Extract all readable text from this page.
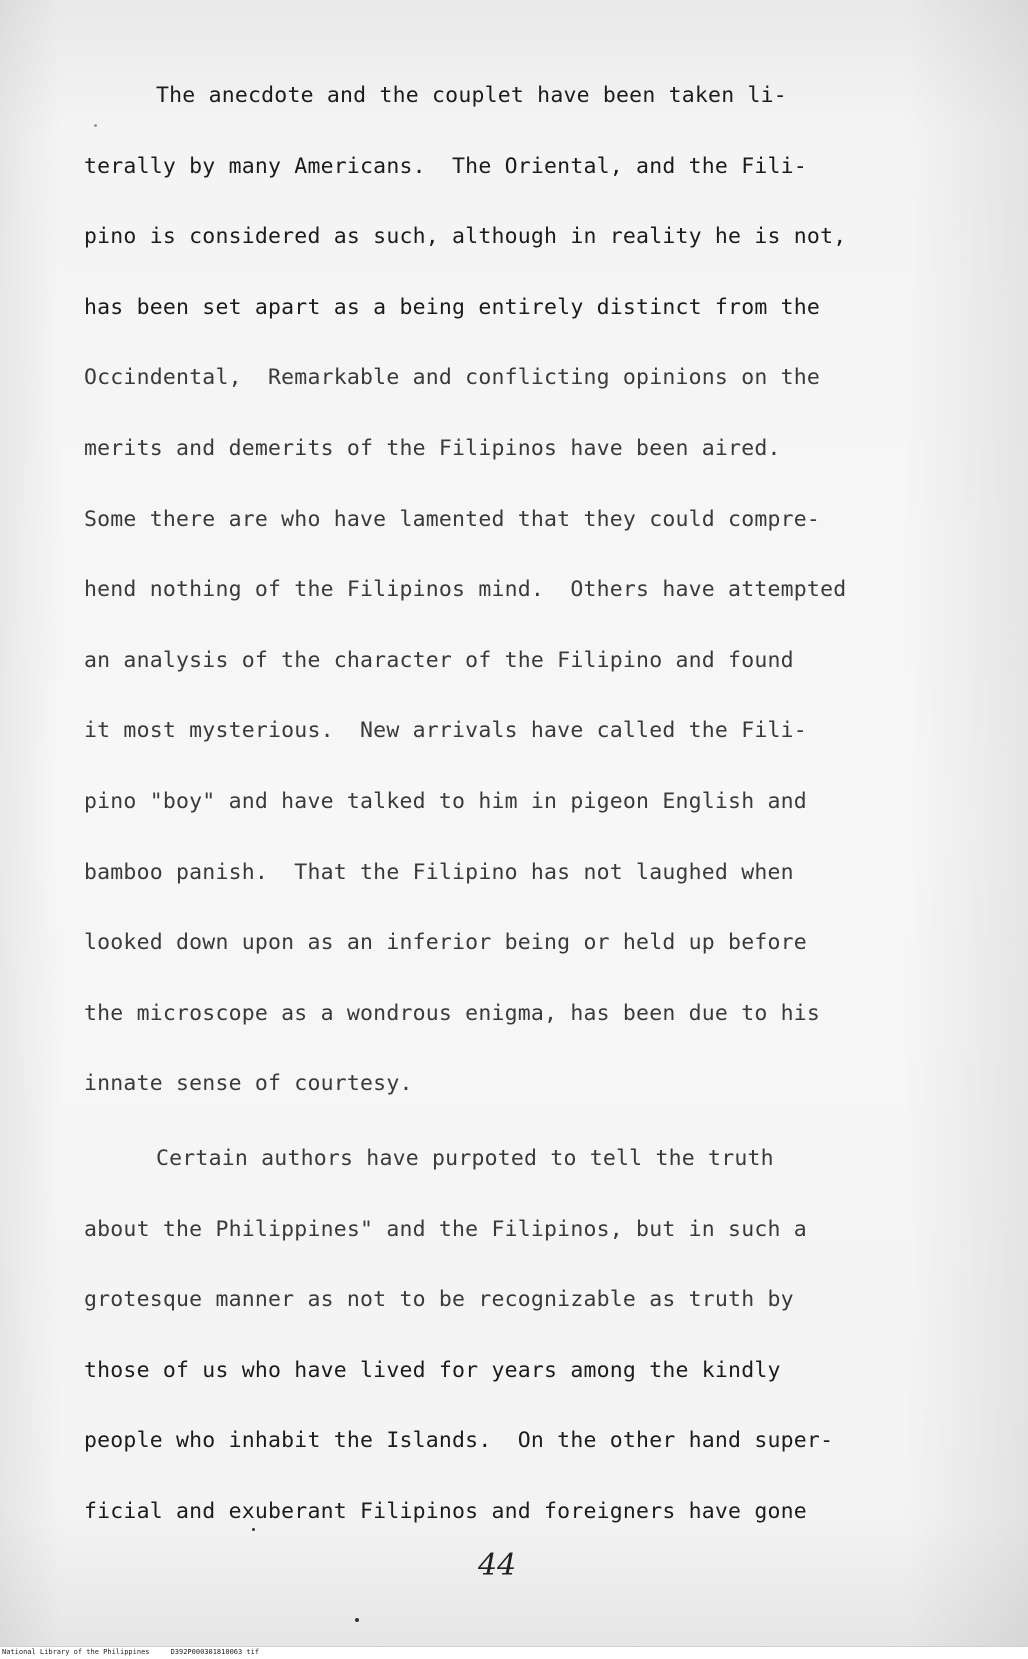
The anecdote and the couplet have been taken li-
terally by many Americans.  The Oriental, and the Fili-
pino is considered as such, although in reality he is not,
has been set apart as a being entirely distinct from the
Occindental,  Remarkable and conflicting opinions on the
merits and demerits of the Filipinos have been aired.
Some there are who have lamented that they could compre-
hend nothing of the Filipinos mind.  Others have attempted
an analysis of the character of the Filipino and found
it most mysterious.  New arrivals have called the Fili-
pino "boy" and have talked to him in pigeon English and
bamboo panish.  That the Filipino has not laughed when
looked down upon as an inferior being or held up before
the microscope as a wondrous enigma, has been due to his
innate sense of courtesy.
Certain authors have purpoted to tell the truth
about the Philippines" and the Filipinos, but in such a
grotesque manner as not to be recognizable as truth by
those of us who have lived for years among the kindly
people who inhabit the Islands.  On the other hand super-
ficial and exuberant Filipinos and foreigners have gone
44
National Library of the Philippines     D392P000301810063 tif
